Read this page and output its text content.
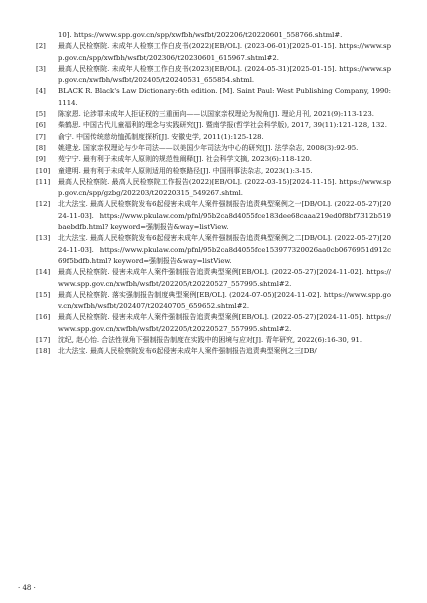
10]. https://www.spp.gov.cn/spp/xwfbh/wsfbt/202206/t20220601_558766.shtml#.
[2]	最高人民检察院. 未成年人检察工作白皮书(2022)[EB/OL]. (2023-06-01)[2025-01-15]. https://www.spp.gov.cn/spp/xwfbh/wsfbt/202306/t20230601_615967.shtml#2.
[3]	最高人民检察院. 未成年人检察工作白皮书(2023)[EB/OL]. (2024-05-31)[2025-01-15]. https://www.spp.gov.cn/xwfbh/wsfbt/202405/t20240531_655854.shtml.
[4]	BLACK R. Black's Law Dictionary:6th edition. [M]. Saint Paul: West Publishing Company, 1990:1114.
[5]	陈家恩. 论涉罪未成年人拒证权的三重面向——以国家亲权理论为视角[J]. 理论月刊, 2021(9):113-123.
[6]	柴鹤思. 中国古代儿童福利的理念与实践研究[J]. 暨南学报(哲学社会科学版), 2017, 39(11):121-128, 132.
[7]	俞宁. 中国传统慈幼恤孤制度探析[J]. 安徽史学, 2011(1):125-128.
[8]	姚建龙. 国家亲权理论与少年司法——以美国少年司法为中心的研究[J]. 法学杂志, 2008(3):92-95.
[9]	苑宁宁. 最有利于未成年人原则的规范性阐释[J]. 社会科学文摘, 2023(6):118-120.
[10]	童建明. 最有利于未成年人原则适用的检察路径[J]. 中国刑事法杂志, 2023(1):3-15.
[11]	最高人民检察院. 最高人民检察院工作报告(2022)[EB/OL]. (2022-03-15)[2024-11-15]. https://www.spp.gov.cn/spp/gzbg/202203/t20220315_549267.shtml.
[12]	北大法宝. 最高人民检察院发布6起侵害未成年人案件强制报告追责典型案例之一[DB/OL]. (2022-05-27)[2024-11-03]. https://www.pkulaw.com/pfnl/95b2ca8d4055fce183dee68caaa219ed0f8bf7312b519baebdfb.html? keyword=强制报告&way=listView.
[13]	北大法宝. 最高人民检察院发布6起侵害未成年人案件强制报告追责典型案例之二[DB/OL]. (2022-05-27)[2024-11-03]. https://www.pkulaw.com/pfnl/95b2ca8d4055fce153977320026aa0cb0676951d912c69f5bdfb.html? keyword=强制报告&way=listView.
[14]	最高人民检察院. 侵害未成年人案件强制报告追责典型案例[EB/OL]. (2022-05-27)[2024-11-02]. https://www.spp.gov.cn/xwfbh/wsfbt/202205/t20220527_557995.shtml#2.
[15]	最高人民检察院. 落实强制报告制度典型案例[EB/OL]. (2024-07-05)[2024-11-02]. https://www.spp.gov.cn/xwfbh/wsfbt/202407/t20240705_659652.shtml#2.
[16]	最高人民检察院. 侵害未成年人案件强制报告追责典型案例[EB/OL]. (2022-05-27)[2024-11-05]. https://www.spp.gov.cn/xwfbh/wsfbt/202205/t20220527_557995.shtml#2.
[17]	沈纪, 赵心怡. 合法性视角下强制报告制度在实践中的困境与应对[J]. 青年研究, 2022(6):16-30, 91.
[18]	北大法宝. 最高人民检察院发布6起侵害未成年人案件强制报告追责典型案例之三[DB/
· 48 ·
